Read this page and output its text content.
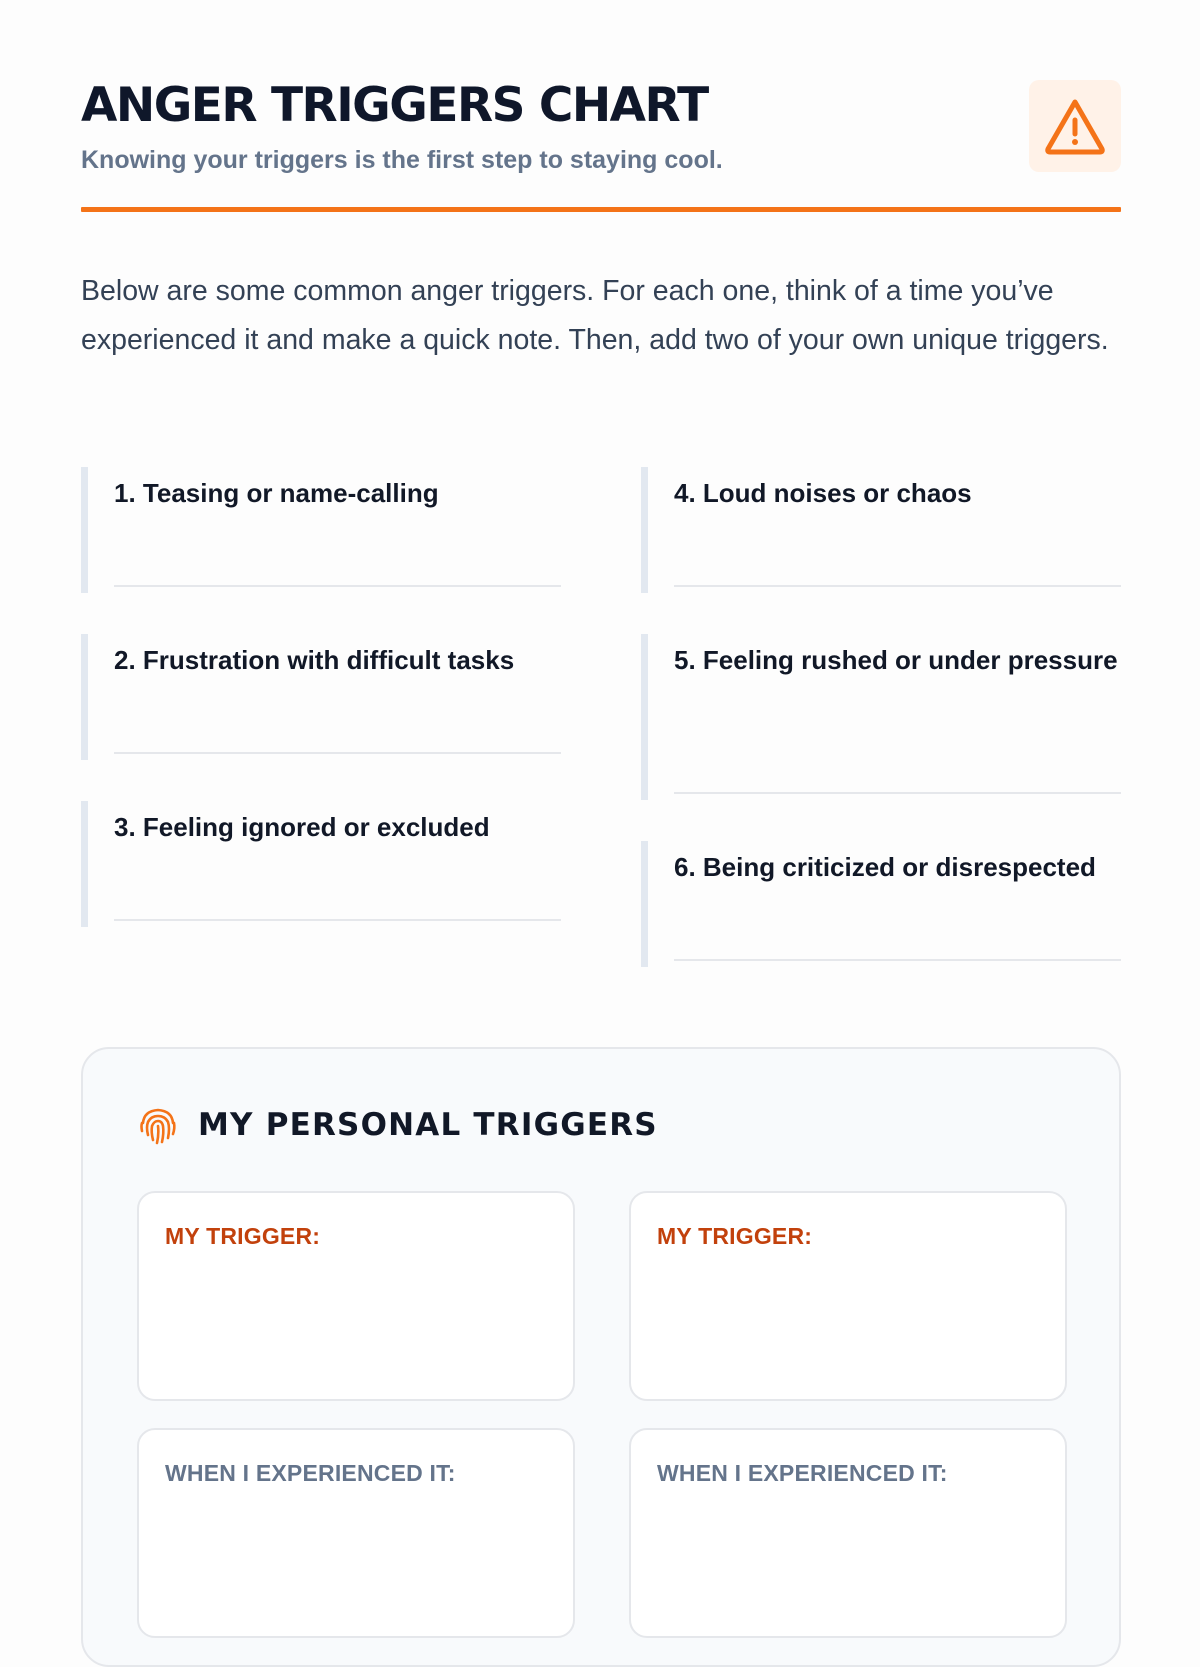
ANGER TRIGGERS CHART

Knowing your triggers is the first step to staying cool.

Below are some common anger triggers. For each one, think of a time you’ve experienced it and make a quick note. Then, add two of your own unique triggers.

1. Teasing or name-calling
2. Frustration with difficult tasks
3. Feeling ignored or excluded
4. Loud noises or chaos
5. Feeling rushed or under pressure
6. Being criticized or disrespected
MY PERSONAL TRIGGERS
MY TRIGGER:	MY TRIGGER:
WHEN I EXPERIENCED IT:	WHEN I EXPERIENCED IT:
